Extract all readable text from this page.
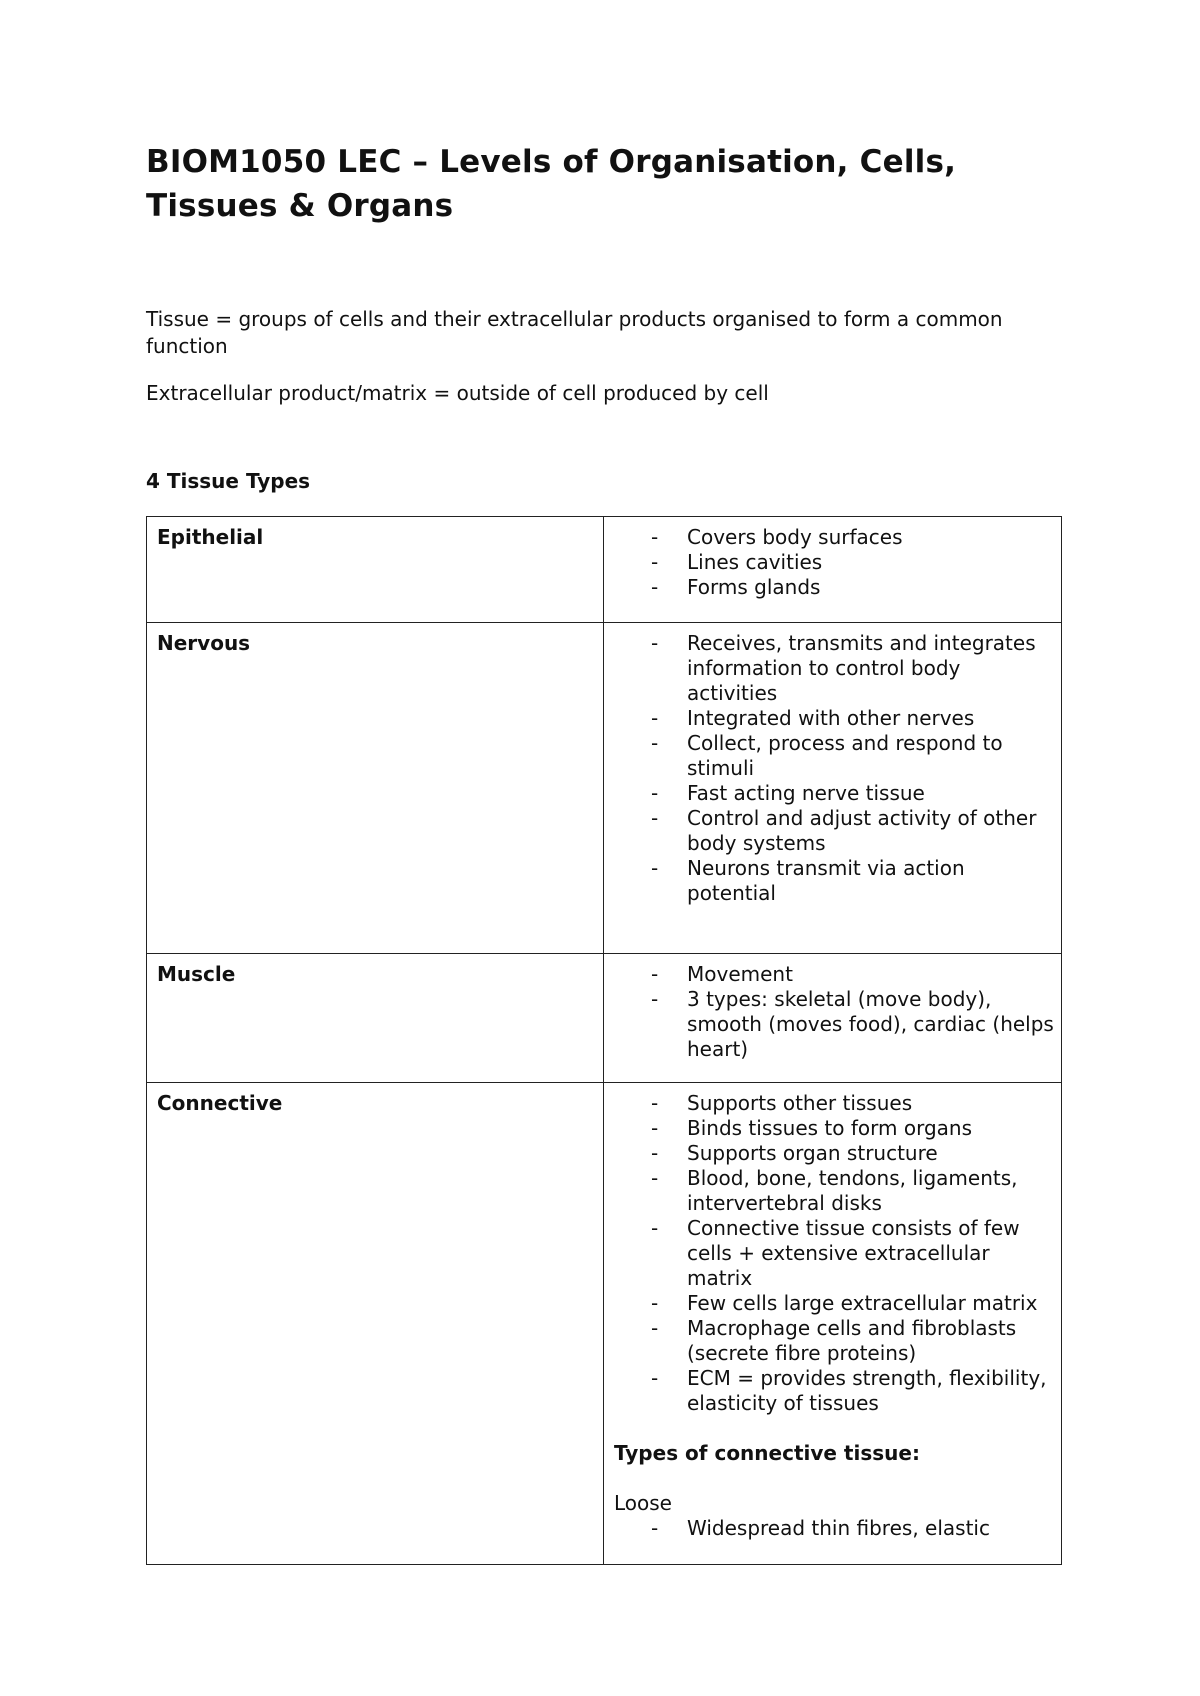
BIOM1050 LEC – Levels of Organisation, Cells, Tissues & Organs

Tissue = groups of cells and their extracellular products organised to form a common function

Extracellular product/matrix = outside of cell produced by cell

4 Tissue Types
Epithelial	- Covers body surfaces
- Lines cavities
- Forms glands
Nervous	- Receives, transmits and integrates information to control body activities
- Integrated with other nerves
- Collect, process and respond to stimuli
- Fast acting nerve tissue
- Control and adjust activity of other body systems
- Neurons transmit via action potential
Muscle	- Movement
- 3 types: skeletal (move body), smooth (moves food), cardiac (helps heart)
Connective	- Supports other tissues
- Binds tissues to form organs
- Supports organ structure
- Blood, bone, tendons, ligaments, intervertebral disks
- Connective tissue consists of few cells + extensive extracellular matrix
- Few cells large extracellular matrix
- Macrophage cells and fibroblasts (secrete fibre proteins)
- ECM = provides strength, flexibility, elasticity of tissues
Types of connective tissue:
Loose
- Widespread thin fibres, elastic
